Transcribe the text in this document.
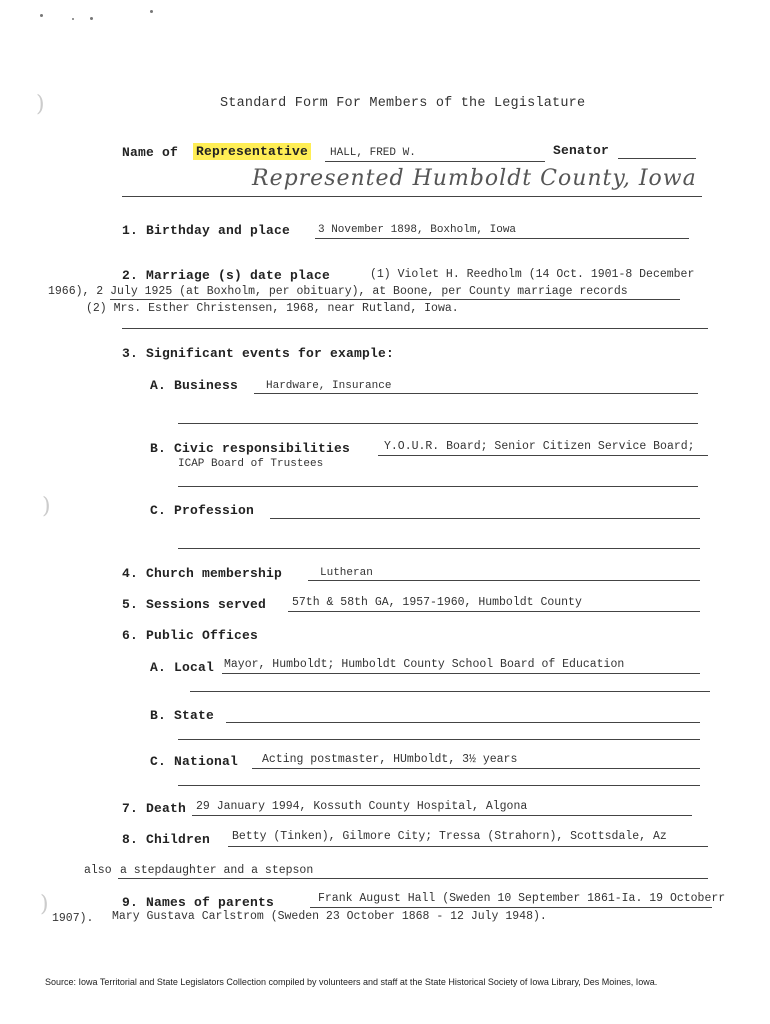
)
)
Standard Form For Members of the Legislature
Name of Representative HALL, FRED W.	Senator
Represented Humboldt County, Iowa
1. Birthday and place	3 November 1898, Boxholm, Iowa
2. Marriage (s) date place	(1) Violet H. Reedholm (14 Oct. 1901-8 December
1966), 2 July 1925 (at Boxholm, per obituary), at Boone, per County marriage records
(2) Mrs. Esther Christensen, 1968, near Rutland, Iowa.
3. Significant events for example:
A. Business	Hardware, Insurance
B. Civic responsibilities	Y.O.U.R. Board; Senior Citizen Service Board;
ICAP Board of Trustees
C. Profession
4. Church membership	Lutheran
5. Sessions served 57th & 58th GA, 1957-1960, Humboldt County
6. Public Offices
A. Local Mayor, Humboldt; Humboldt County School Board of Education
B. State
C. National Acting postmaster, HUmboldt, 3½ years
7. Death 29 January 1994, Kossuth County Hospital, Algona
8. Children Betty (Tinken), Gilmore City; Tressa (Strahorn), Scottsdale, Az
also a stepdaughter and a stepson
)	9. Names of parents	Frank August Hall (Sweden 10 September 1861-Ia. 19 Octoberr
1907). Mary Gustava Carlstrom (Sweden 23 October 1868 - 12 July 1948).
Source: Iowa Territorial and State Legislators Collection compiled by volunteers and staff at the State Historical Society of Iowa Library, Des Moines, Iowa.
